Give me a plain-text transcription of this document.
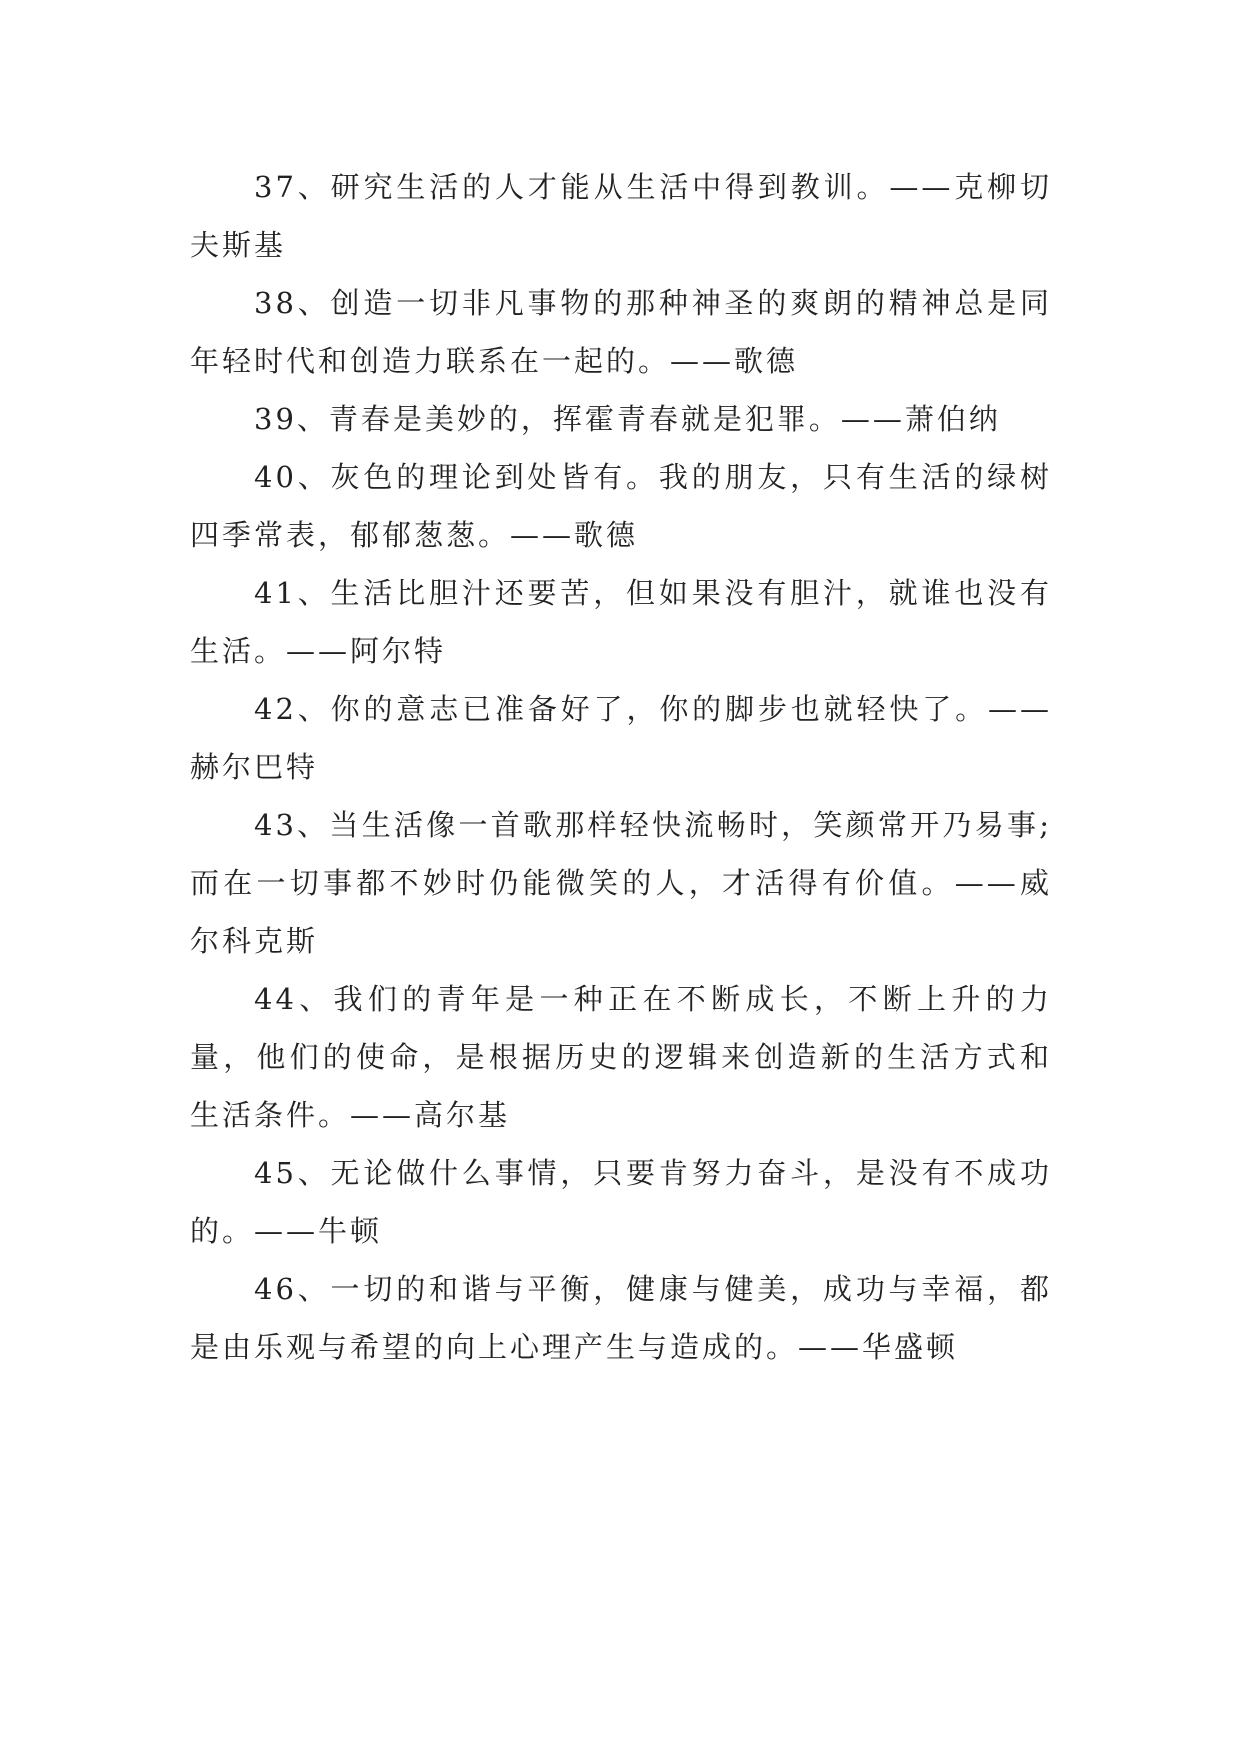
37、研究生活的人才能从生活中得到教训。——克柳切夫斯基

38、创造一切非凡事物的那种神圣的爽朗的精神总是同年轻时代和创造力联系在一起的。——歌德

39、青春是美妙的，挥霍青春就是犯罪。——萧伯纳

40、灰色的理论到处皆有。我的朋友，只有生活的绿树四季常表，郁郁葱葱。——歌德

41、生活比胆汁还要苦，但如果没有胆汁，就谁也没有生活。——阿尔特

42、你的意志已准备好了，你的脚步也就轻快了。——赫尔巴特

43、当生活像一首歌那样轻快流畅时，笑颜常开乃易事;而在一切事都不妙时仍能微笑的人，才活得有价值。——威尔科克斯

44、我们的青年是一种正在不断成长，不断上升的力量，他们的使命，是根据历史的逻辑来创造新的生活方式和生活条件。——高尔基

45、无论做什么事情，只要肯努力奋斗，是没有不成功的。——牛顿

46、一切的和谐与平衡，健康与健美，成功与幸福，都是由乐观与希望的向上心理产生与造成的。——华盛顿
